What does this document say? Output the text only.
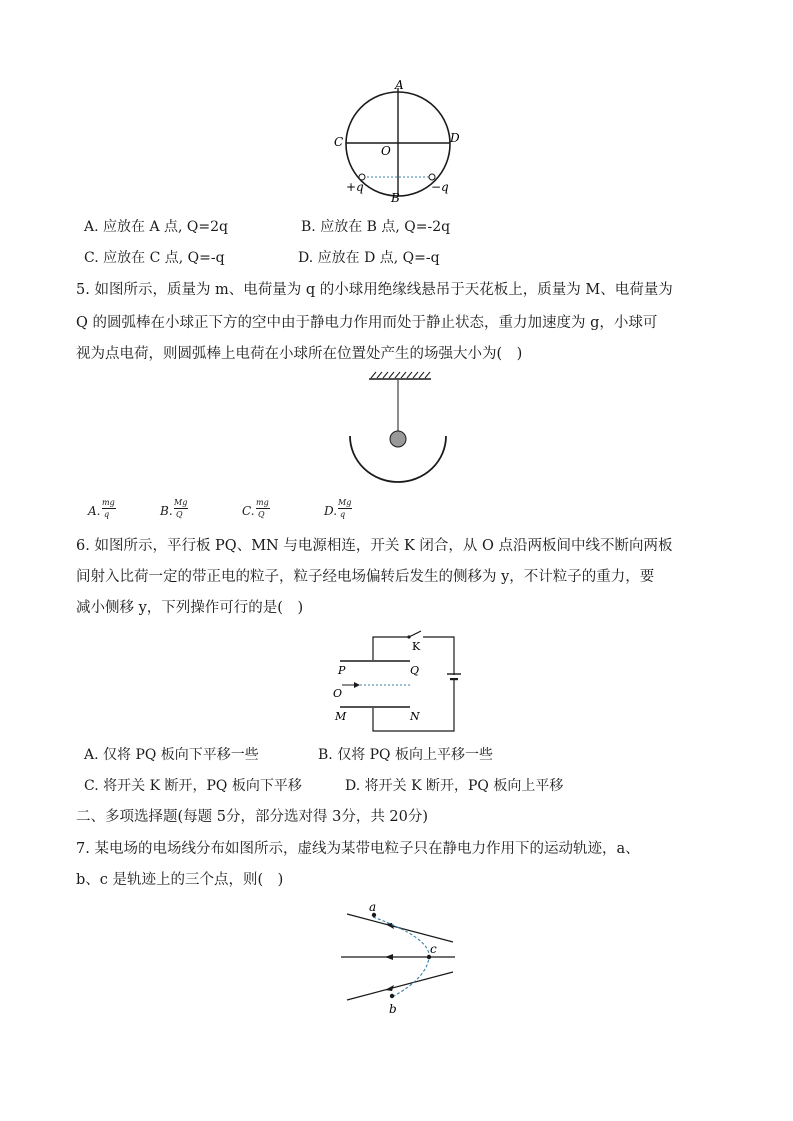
A
C	D
O
B
+q	−q
A. 应放在 A 点, Q=2q	B. 应放在 B 点, Q=-2q
C. 应放在 C 点, Q=-q	D. 应放在 D 点, Q=-q
5. 如图所示，质量为 m、电荷量为 q 的小球用绝缘线悬吊于天花板上，质量为 M、电荷量为
Q 的圆弧棒在小球正下方的空中由于静电力作用而处于静止状态，重力加速度为 g，小球可
视为点电荷，则圆弧棒上电荷在小球所在位置处产生的场强大小为(　)
A.
mg
q	B.
Mg
Q	C.
mg
Q	D.
Mg
q
6. 如图所示，平行板 PQ、MN 与电源相连，开关 K 闭合，从 O 点沿两板间中线不断向两板
间射入比荷一定的带正电的粒子，粒子经电场偏转后发生的侧移为 y，不计粒子的重力，要
减小侧移 y，下列操作可行的是(　)
K
P	Q
O
M	N
A. 仅将 PQ 板向下平移一些	B. 仅将 PQ 板向上平移一些
C. 将开关 K 断开，PQ 板向下平移	D. 将开关 K 断开，PQ 板向上平移
二、多项选择题(每题 5分，部分选对得 3分，共 20分)
7. 某电场的电场线分布如图所示，虚线为某带电粒子只在静电力作用下的运动轨迹，a、
b、c 是轨迹上的三个点，则(　)
a
c
b
